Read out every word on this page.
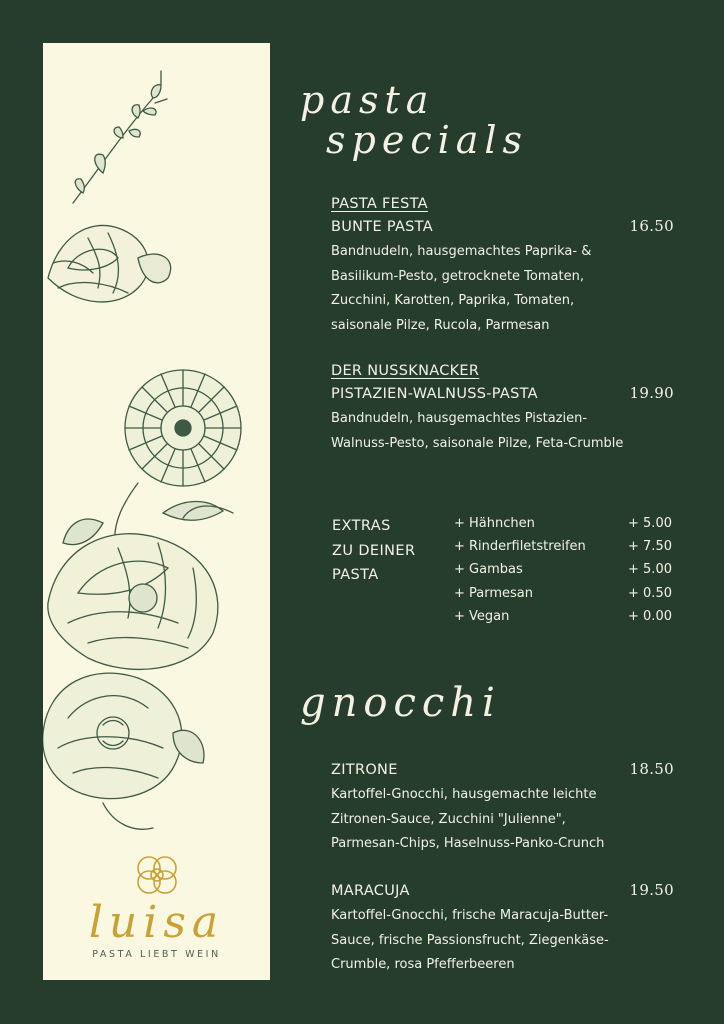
luisa
PASTA LIEBT WEIN
pasta
specials
PASTA FESTA
BUNTE PASTA	16.50
Bandnudeln, hausgemachtes Paprika- & Basilikum-Pesto, getrocknete Tomaten, Zucchini, Karotten, Paprika, Tomaten, saisonale Pilze, Rucola, Parmesan
DER NUSSKNACKER
PISTAZIEN-WALNUSS-PASTA	19.90
Bandnudeln, hausgemachtes Pistazien-Walnuss-Pesto, saisonale Pilze, Feta-Crumble
EXTRAS
ZU DEINER
PASTA
+ Hähnchen	+ 5.00
+ Rinderfiletstreifen	+ 7.50
+ Gambas	+ 5.00
+ Parmesan	+ 0.50
+ Vegan	+ 0.00
gnocchi
ZITRONE	18.50
Kartoffel-Gnocchi, hausgemachte leichte Zitronen-Sauce, Zucchini "Julienne", Parmesan-Chips, Haselnuss-Panko-Crunch
MARACUJA	19.50
Kartoffel-Gnocchi, frische Maracuja-Butter-Sauce, frische Passionsfrucht, Ziegenkäse-Crumble, rosa Pfefferbeeren
